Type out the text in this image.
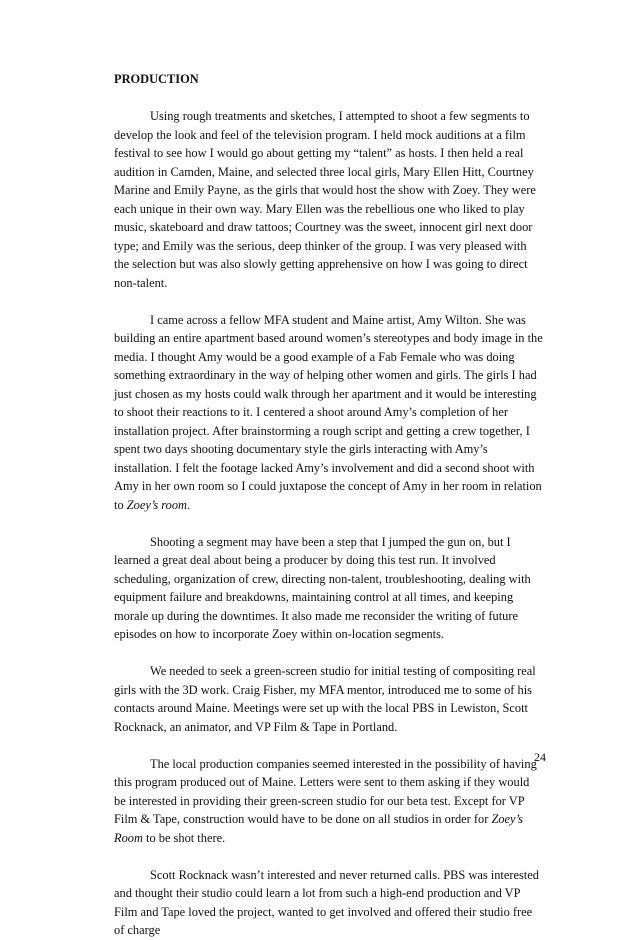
PRODUCTION

Using rough treatments and sketches, I attempted to shoot a few segments to develop the look and feel of the television program. I held mock auditions at a film festival to see how I would go about getting my “talent” as hosts. I then held a real audition in Camden, Maine, and selected three local girls, Mary Ellen Hitt, Courtney Marine and Emily Payne, as the girls that would host the show with Zoey. They were each unique in their own way. Mary Ellen was the rebellious one who liked to play music, skateboard and draw tattoos; Courtney was the sweet, innocent girl next door type; and Emily was the serious, deep thinker of the group. I was very pleased with the selection but was also slowly getting apprehensive on how I was going to direct non-talent.

I came across a fellow MFA student and Maine artist, Amy Wilton. She was building an entire apartment based around women’s stereotypes and body image in the media. I thought Amy would be a good example of a Fab Female who was doing something extraordinary in the way of helping other women and girls. The girls I had just chosen as my hosts could walk through her apartment and it would be interesting to shoot their reactions to it. I centered a shoot around Amy’s completion of her installation project. After brainstorming a rough script and getting a crew together, I spent two days shooting documentary style the girls interacting with Amy’s installation. I felt the footage lacked Amy’s involvement and did a second shoot with Amy in her own room so I could juxtapose the concept of Amy in her room in relation to Zoey’s room.

Shooting a segment may have been a step that I jumped the gun on, but I learned a great deal about being a producer by doing this test run. It involved scheduling, organization of crew, directing non-talent, troubleshooting, dealing with equipment failure and breakdowns, maintaining control at all times, and keeping morale up during the downtimes. It also made me reconsider the writing of future episodes on how to incorporate Zoey within on-location segments.

We needed to seek a green-screen studio for initial testing of compositing real girls with the 3D work. Craig Fisher, my MFA mentor, introduced me to some of his contacts around Maine. Meetings were set up with the local PBS in Lewiston, Scott Rocknack, an animator, and VP Film & Tape in Portland.

The local production companies seemed interested in the possibility of having this program produced out of Maine. Letters were sent to them asking if they would be interested in providing their green-screen studio for our beta test. Except for VP Film & Tape, construction would have to be done on all studios in order for Zoey’s Room to be shot there.

Scott Rocknack wasn’t interested and never returned calls. PBS was interested and thought their studio could learn a lot from such a high-end production and VP Film and Tape loved the project, wanted to get involved and offered their studio free of charge

24
